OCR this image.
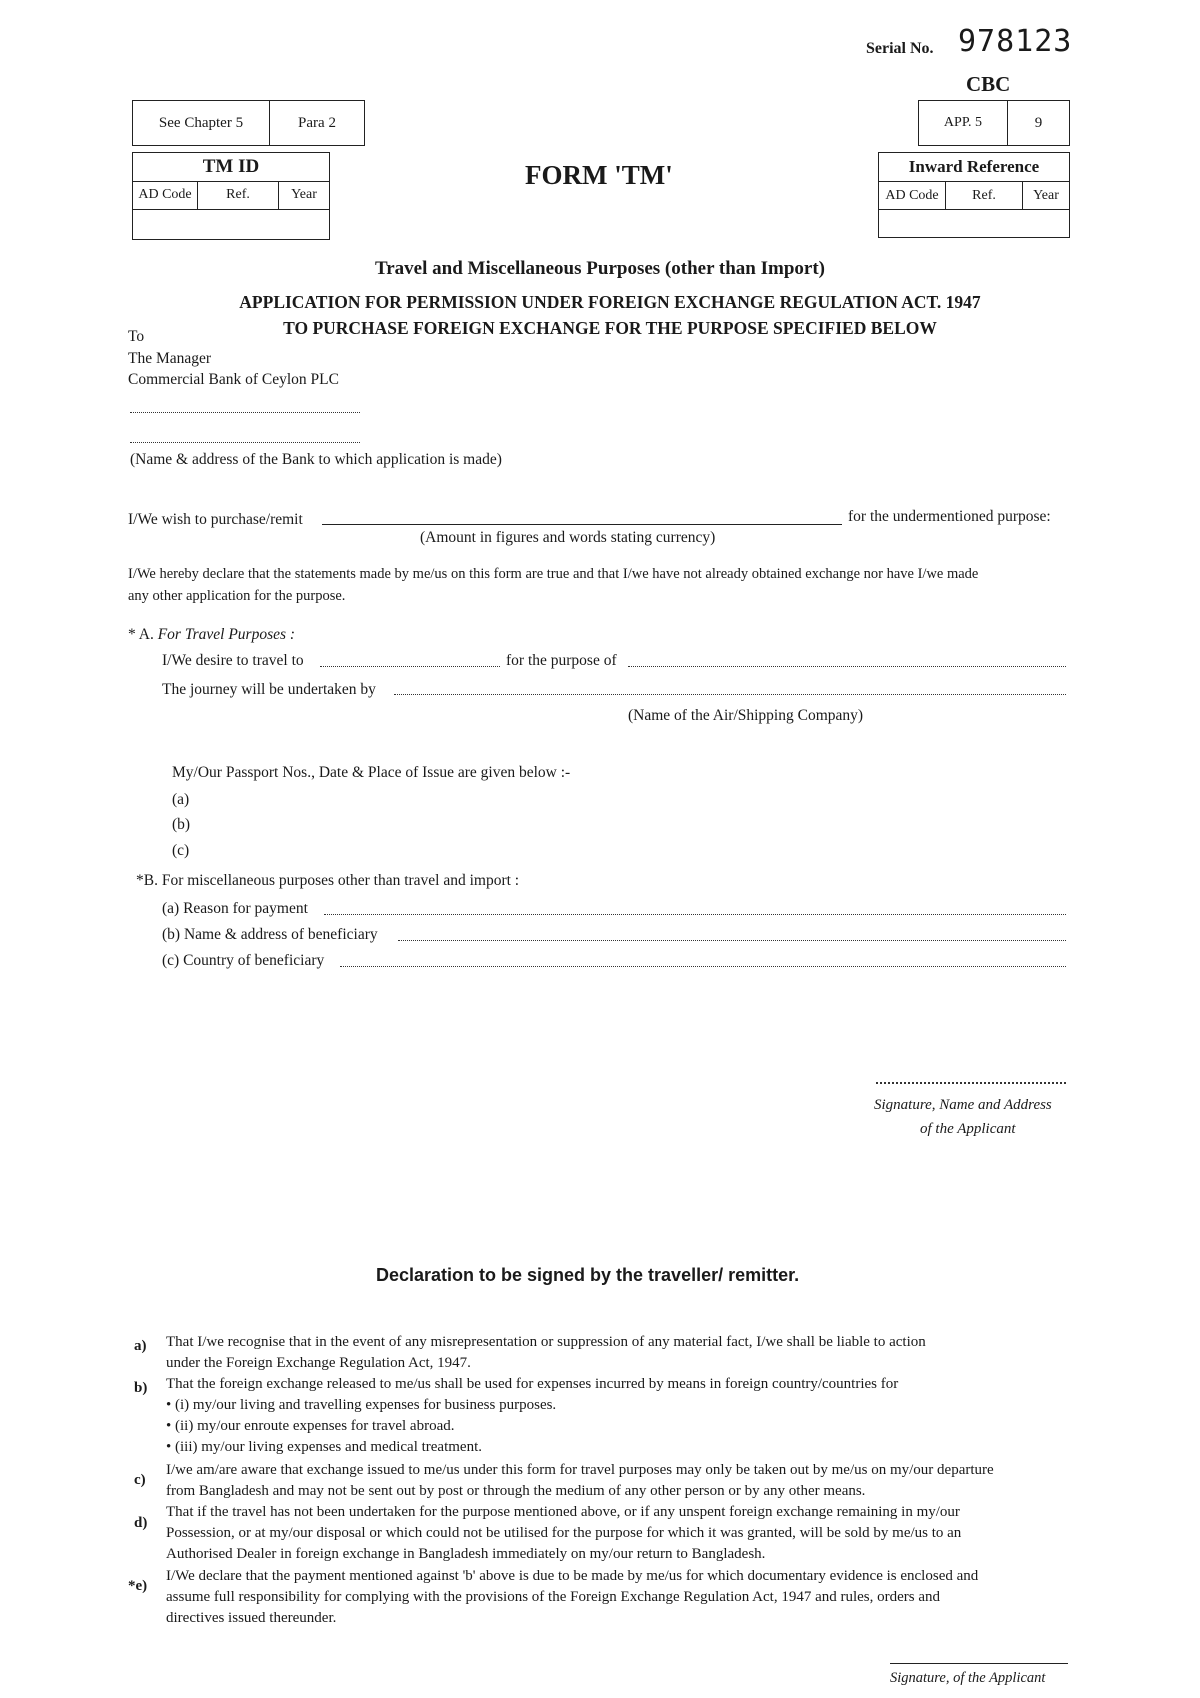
Serial No. 978123
CBC
See Chapter 5	Para 2	APP. 5	9
TM ID
AD Code	Ref.	Year

FORM 'TM'	Inward Reference
AD Code	Ref.	Year

Travel and Miscellaneous Purposes (other than Import)
APPLICATION FOR PERMISSION UNDER FOREIGN EXCHANGE REGULATION ACT. 1947
TO PURCHASE FOREIGN EXCHANGE FOR THE PURPOSE SPECIFIED BELOW
To
The Manager
Commercial Bank of Ceylon PLC
(Name & address of the Bank to which application is made)
I/We wish to purchase/remit	for the undermentioned purpose:
(Amount in figures and words stating currency)
I/We hereby declare that the statements made by me/us on this form are true and that I/we have not already obtained exchange nor have I/we made
any other application for the purpose.
* A. For Travel Purposes :
I/We desire to travel to	for the purpose of
The journey will be undertaken by
(Name of the Air/Shipping Company)
My/Our Passport Nos., Date & Place of Issue are given below :-
(a)
(b)
(c)
*B. For miscellaneous purposes other than travel and import :
(a) Reason for payment
(b) Name & address of beneficiary
(c) Country of beneficiary
Signature, Name and Address
of the Applicant
Declaration to be signed by the traveller/ remitter.
a)	That I/we recognise that in the event of any misrepresentation or suppression of any material fact, I/we shall be liable to action
under the Foreign Exchange Regulation Act, 1947.
b)	That the foreign exchange released to me/us shall be used for expenses incurred by means in foreign country/countries for
• (i) my/our living and travelling expenses for business purposes.
• (ii) my/our enroute expenses for travel abroad.
• (iii) my/our living expenses and medical treatment.
c)
I/we am/are aware that exchange issued to me/us under this form for travel purposes may only be taken out by me/us on my/our departure
from Bangladesh and may not be sent out by post or through the medium of any other person or by any other means.
d)
That if the travel has not been undertaken for the purpose mentioned above, or if any unspent foreign exchange remaining in my/our
Possession, or at my/our disposal or which could not be utilised for the purpose for which it was granted, will be sold by me/us to an
Authorised Dealer in foreign exchange in Bangladesh immediately on my/our return to Bangladesh.
*e)
I/We declare that the payment mentioned against 'b' above is due to be made by me/us for which documentary evidence is enclosed and
assume full responsibility for complying with the provisions of the Foreign Exchange Regulation Act, 1947 and rules, orders and
directives issued thereunder.
Signature, of the Applicant
